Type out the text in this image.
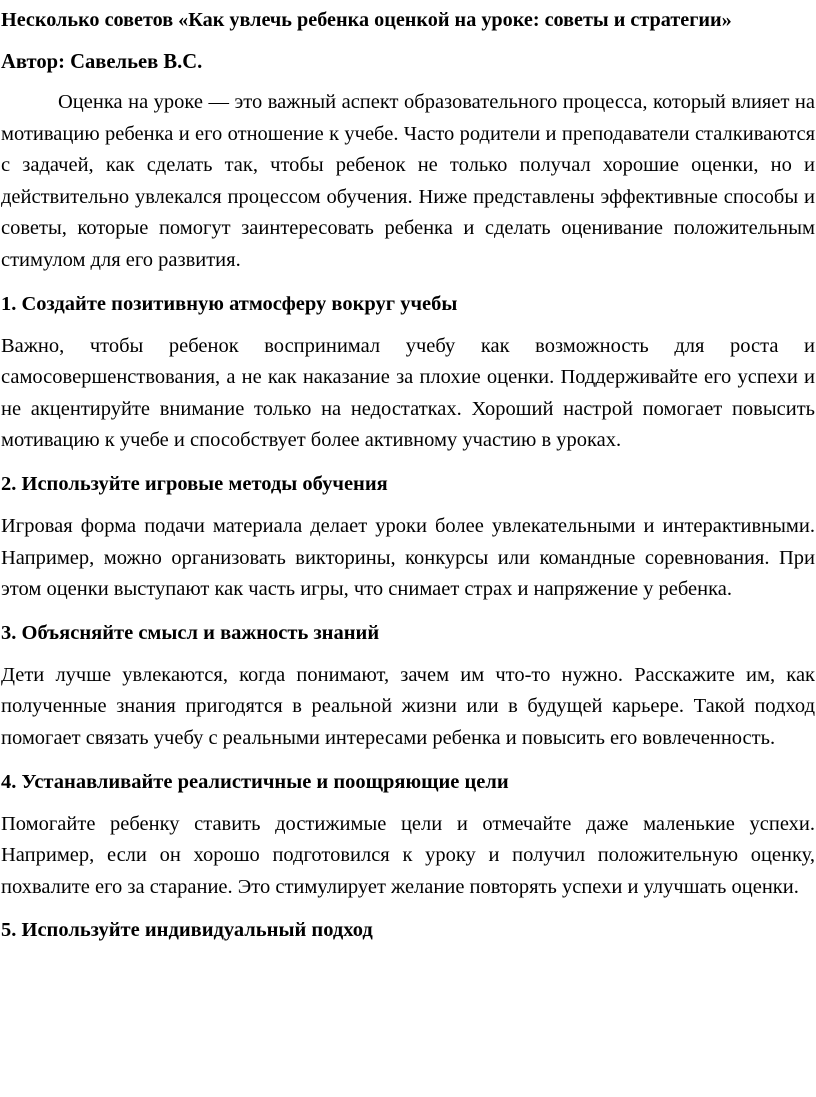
Несколько советов «Как увлечь ребенка оценкой на уроке: советы и стратегии»
Автор: Савельев В.С.

Оценка на уроке — это важный аспект образовательного процесса, который влияет на мотивацию ребенка и его отношение к учебе. Часто родители и преподаватели сталкиваются с задачей, как сделать так, чтобы ребенок не только получал хорошие оценки, но и действительно увлекался процессом обучения. Ниже представлены эффективные способы и советы, которые помогут заинтересовать ребенка и сделать оценивание положительным стимулом для его развития.

1. Создайте позитивную атмосферу вокруг учебы

Важно, чтобы ребенок воспринимал учебу как возможность для роста и самосовершенствования, а не как наказание за плохие оценки. Поддерживайте его успехи и не акцентируйте внимание только на недостатках. Хороший настрой помогает повысить мотивацию к учебе и способствует более активному участию в уроках.

2. Используйте игровые методы обучения

Игровая форма подачи материала делает уроки более увлекательными и интерактивными. Например, можно организовать викторины, конкурсы или командные соревнования. При этом оценки выступают как часть игры, что снимает страх и напряжение у ребенка.

3. Объясняйте смысл и важность знаний

Дети лучше увлекаются, когда понимают, зачем им что-то нужно. Расскажите им, как полученные знания пригодятся в реальной жизни или в будущей карьере. Такой подход помогает связать учебу с реальными интересами ребенка и повысить его вовлеченность.

4. Устанавливайте реалистичные и поощряющие цели

Помогайте ребенку ставить достижимые цели и отмечайте даже маленькие успехи. Например, если он хорошо подготовился к уроку и получил положительную оценку, похвалите его за старание. Это стимулирует желание повторять успехи и улучшать оценки.

5. Используйте индивидуальный подход
